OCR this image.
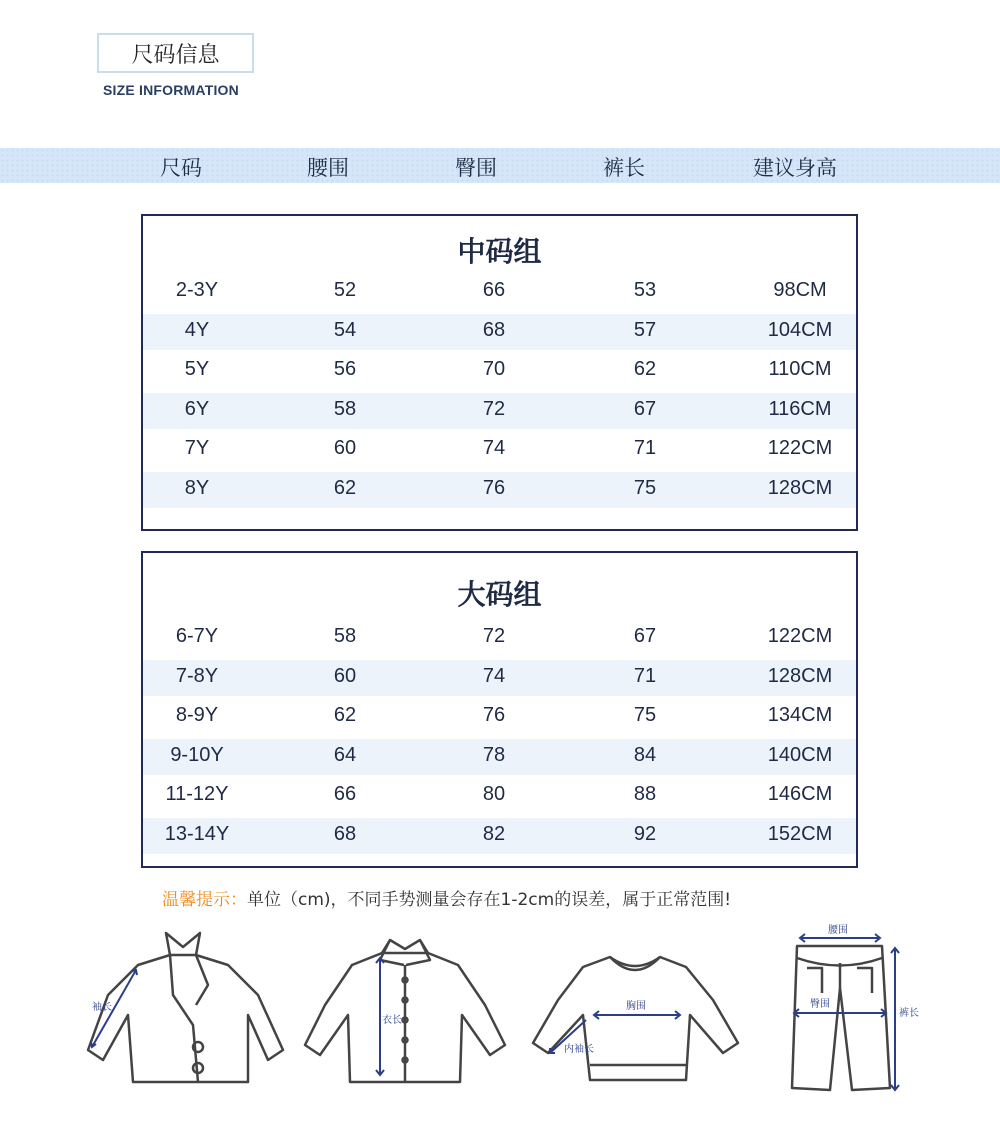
尺码信息
SIZE INFORMATION
尺码	腰围	臀围	裤长	建议身高
中码组
2-3Y	52	66	53	98CM
4Y	54	68	57	104CM
5Y	56	70	62	110CM
6Y	58	72	67	116CM
7Y	60	74	71	122CM
8Y	62	76	75	128CM
大码组
6-7Y	58	72	67	122CM
7-8Y	60	74	71	128CM
8-9Y	62	76	75	134CM
9-10Y	64	78	84	140CM
11-12Y	66	80	88	146CM
13-14Y	68	82	92	152CM
温馨提示：单位（cm)，不同手势测量会存在1-2cm的误差，属于正常范围!
袖长
衣长
胸围
内袖长
腰围
臀围
裤长
